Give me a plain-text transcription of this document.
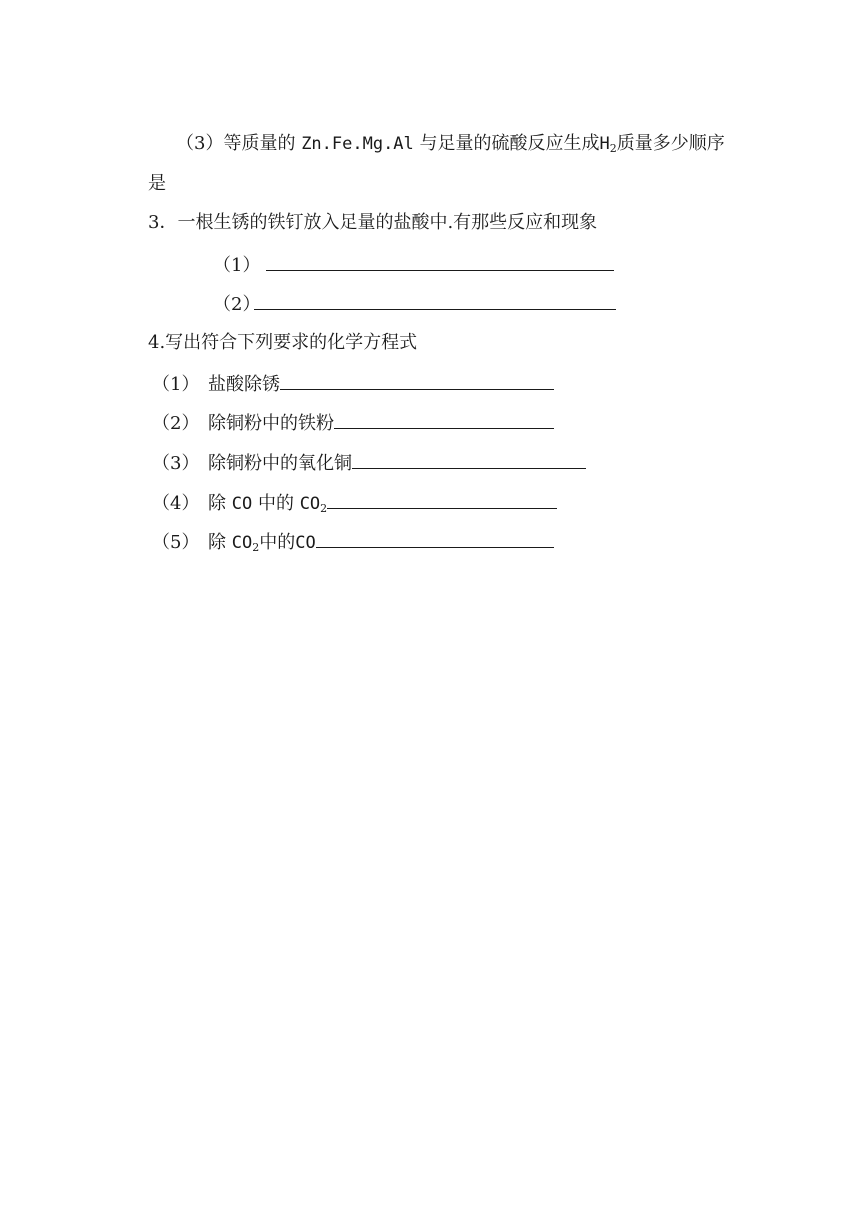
（3）等质量的 Zn.Fe.Mg.Al 与足量的硫酸反应生成$H_2$质量多少顺序
是
3．一根生锈的铁钉放入足量的盐酸中.有那些反应和现象
（1）
（2）
4.写出符合下列要求的化学方程式
（1） 盐酸除锈
（2） 除铜粉中的铁粉
（3） 除铜粉中的氧化铜
（4） 除 CO 中的 $CO_2$
（5） 除 $CO_2$中的CO
